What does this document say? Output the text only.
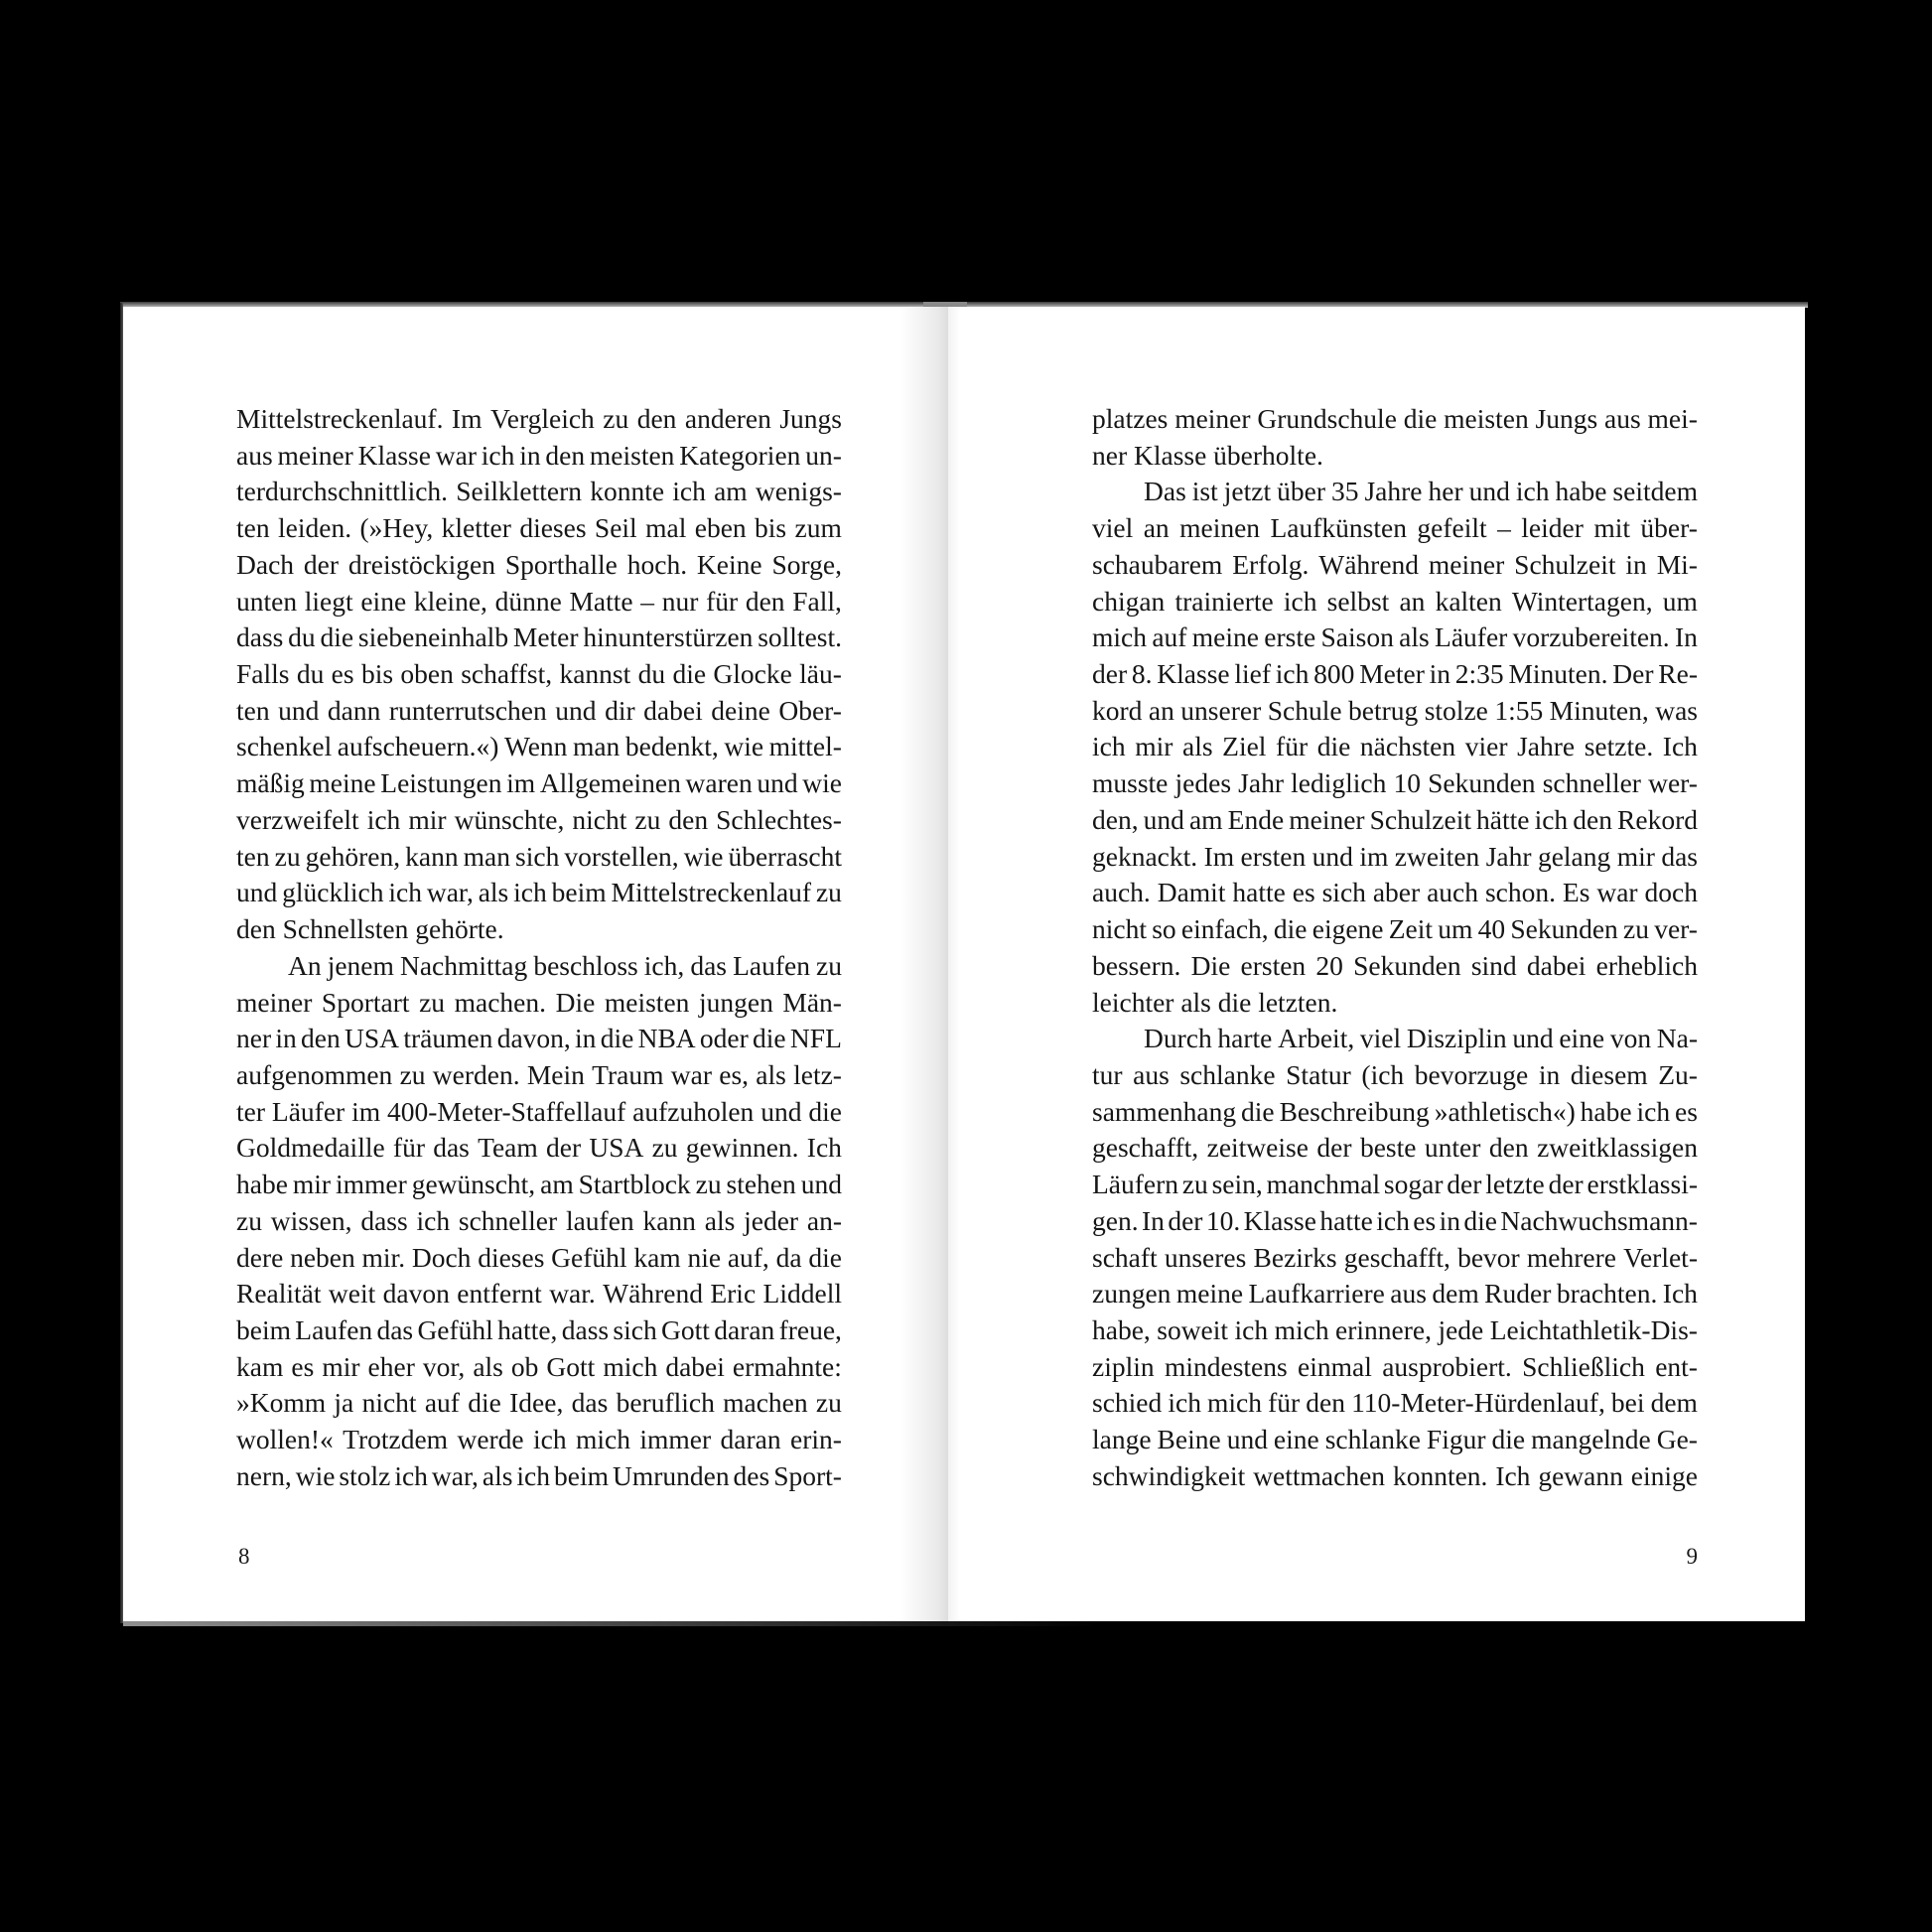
Mittelstreckenlauf. Im Vergleich zu den anderen Jungs
aus meiner Klasse war ich in den meisten Kategorien un-
terdurchschnittlich. Seilklettern konnte ich am wenigs-
ten leiden. (»Hey, kletter dieses Seil mal eben bis zum
Dach der dreistöckigen Sporthalle hoch. Keine Sorge,
unten liegt eine kleine, dünne Matte – nur für den Fall,
dass du die siebeneinhalb Meter hinunterstürzen solltest.
Falls du es bis oben schaffst, kannst du die Glocke läu-
ten und dann runterrutschen und dir dabei deine Ober-
schenkel aufscheuern.«) Wenn man bedenkt, wie mittel-
mäßig meine Leistungen im Allgemeinen waren und wie
verzweifelt ich mir wünschte, nicht zu den Schlechtes-
ten zu gehören, kann man sich vorstellen, wie überrascht
und glücklich ich war, als ich beim Mittelstreckenlauf zu
den Schnellsten gehörte.
An jenem Nachmittag beschloss ich, das Laufen zu
meiner Sportart zu machen. Die meisten jungen Män-
ner in den USA träumen davon, in die NBA oder die NFL
aufgenommen zu werden. Mein Traum war es, als letz-
ter Läufer im 400-Meter-Staffellauf aufzuholen und die
Goldmedaille für das Team der USA zu gewinnen. Ich
habe mir immer gewünscht, am Startblock zu stehen und
zu wissen, dass ich schneller laufen kann als jeder an-
dere neben mir. Doch dieses Gefühl kam nie auf, da die
Realität weit davon entfernt war. Während Eric Liddell
beim Laufen das Gefühl hatte, dass sich Gott daran freue,
kam es mir eher vor, als ob Gott mich dabei ermahnte:
»Komm ja nicht auf die Idee, das beruflich machen zu
wollen!« Trotzdem werde ich mich immer daran erin-
nern, wie stolz ich war, als ich beim Umrunden des Sport-
8
platzes meiner Grundschule die meisten Jungs aus mei-
ner Klasse überholte.
Das ist jetzt über 35 Jahre her und ich habe seitdem
viel an meinen Laufkünsten gefeilt – leider mit über-
schaubarem Erfolg. Während meiner Schulzeit in Mi-
chigan trainierte ich selbst an kalten Wintertagen, um
mich auf meine erste Saison als Läufer vorzubereiten. In
der 8. Klasse lief ich 800 Meter in 2:35 Minuten. Der Re-
kord an unserer Schule betrug stolze 1:55 Minuten, was
ich mir als Ziel für die nächsten vier Jahre setzte. Ich
musste jedes Jahr lediglich 10 Sekunden schneller wer-
den, und am Ende meiner Schulzeit hätte ich den Rekord
geknackt. Im ersten und im zweiten Jahr gelang mir das
auch. Damit hatte es sich aber auch schon. Es war doch
nicht so einfach, die eigene Zeit um 40 Sekunden zu ver-
bessern. Die ersten 20 Sekunden sind dabei erheblich
leichter als die letzten.
Durch harte Arbeit, viel Disziplin und eine von Na-
tur aus schlanke Statur (ich bevorzuge in diesem Zu-
sammenhang die Beschreibung »athletisch«) habe ich es
geschafft, zeitweise der beste unter den zweitklassigen
Läufern zu sein, manchmal sogar der letzte der erstklassi-
gen. In der 10. Klasse hatte ich es in die Nachwuchsmann-
schaft unseres Bezirks geschafft, bevor mehrere Verlet-
zungen meine Laufkarriere aus dem Ruder brachten. Ich
habe, soweit ich mich erinnere, jede Leichtathletik-Dis-
ziplin mindestens einmal ausprobiert. Schließlich ent-
schied ich mich für den 110-Meter-Hürdenlauf, bei dem
lange Beine und eine schlanke Figur die mangelnde Ge-
schwindigkeit wettmachen konnten. Ich gewann einige
9
